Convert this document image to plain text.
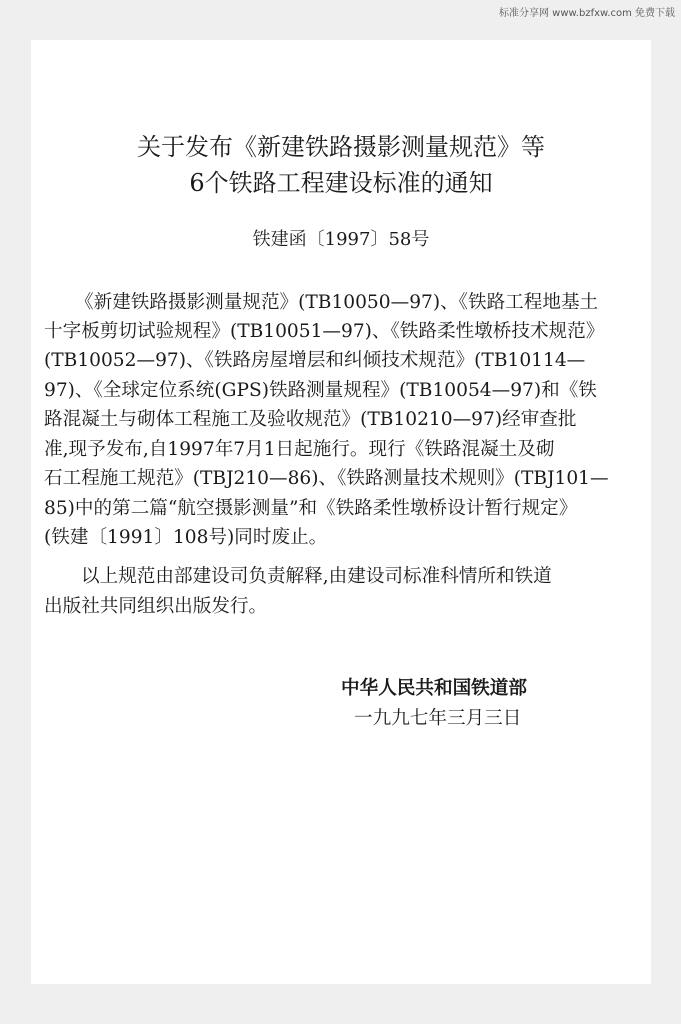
标准分享网 www.bzfxw.com 免费下载
关于发布《新建铁路摄影测量规范》等
6个铁路工程建设标准的通知
铁建函〔1997〕58号
《新建铁路摄影测量规范》(TB10050—97)、《铁路工程地基土
十字板剪切试验规程》(TB10051—97)、《铁路柔性墩桥技术规范》
(TB10052—97)、《铁路房屋增层和纠倾技术规范》(TB10114—
97)、《全球定位系统(GPS)铁路测量规程》(TB10054—97)和《铁
路混凝土与砌体工程施工及验收规范》(TB10210—97)经审查批
准,现予发布,自1997年7月1日起施行。现行《铁路混凝土及砌
石工程施工规范》(TBJ210—86)、《铁路测量技术规则》(TBJ101—
85)中的第二篇“航空摄影测量”和《铁路柔性墩桥设计暂行规定》
(铁建〔1991〕108号)同时废止。
以上规范由部建设司负责解释,由建设司标准科情所和铁道
出版社共同组织出版发行。
中华人民共和国铁道部
一九九七年三月三日
